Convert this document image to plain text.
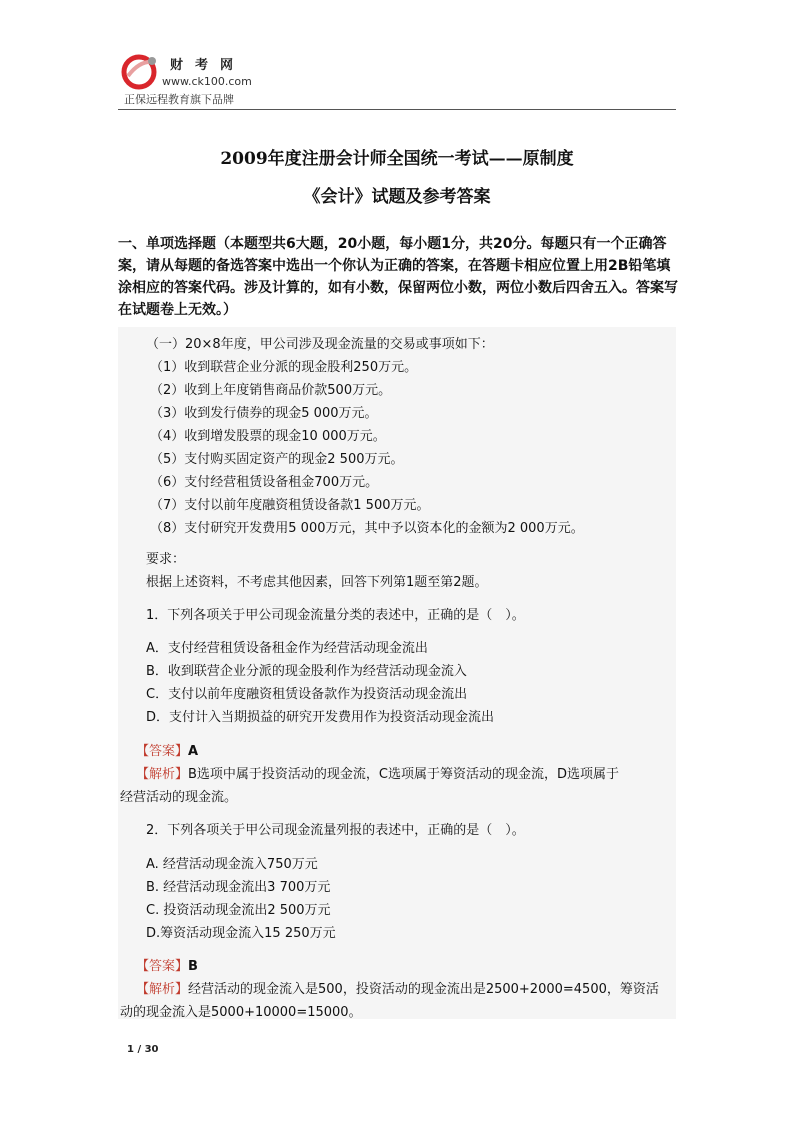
财考网
www.ck100.com
正保远程教育旗下品牌
2009年度注册会计师全国统一考试——原制度
《会计》试题及参考答案
一、单项选择题（本题型共6大题，20小题，每小题1分，共20分。每题只有一个正确答案，请从每题的备选答案中选出一个你认为正确的答案，在答题卡相应位置上用2B铅笔填涂相应的答案代码。涉及计算的，如有小数，保留两位小数，两位小数后四舍五入。答案写在试题卷上无效。）
（一）20×8年度，甲公司涉及现金流量的交易或事项如下：
（1）收到联营企业分派的现金股利250万元。
（2）收到上年度销售商品价款500万元。
（3）收到发行债券的现金5 000万元。
（4）收到增发股票的现金10 000万元。
（5）支付购买固定资产的现金2 500万元。
（6）支付经营租赁设备租金700万元。
（7）支付以前年度融资租赁设备款1 500万元。
（8）支付研究开发费用5 000万元，其中予以资本化的金额为2 000万元。
要求：
根据上述资料，不考虑其他因素，回答下列第1题至第2题。
1．下列各项关于甲公司现金流量分类的表述中，正确的是（　）。
A．支付经营租赁设备租金作为经营活动现金流出
B．收到联营企业分派的现金股利作为经营活动现金流入
C．支付以前年度融资租赁设备款作为投资活动现金流出
D．支付计入当期损益的研究开发费用作为投资活动现金流出
【答案】A
【解析】B选项中属于投资活动的现金流，C选项属于筹资活动的现金流，D选项属于
经营活动的现金流。
2．下列各项关于甲公司现金流量列报的表述中，正确的是（　）。
A. 经营活动现金流入750万元
B. 经营活动现金流出3 700万元
C. 投资活动现金流出2 500万元
D.筹资活动现金流入15 250万元
【答案】B
【解析】经营活动的现金流入是500，投资活动的现金流出是2500+2000=4500，筹资活
动的现金流入是5000+10000=15000。
1 / 30
